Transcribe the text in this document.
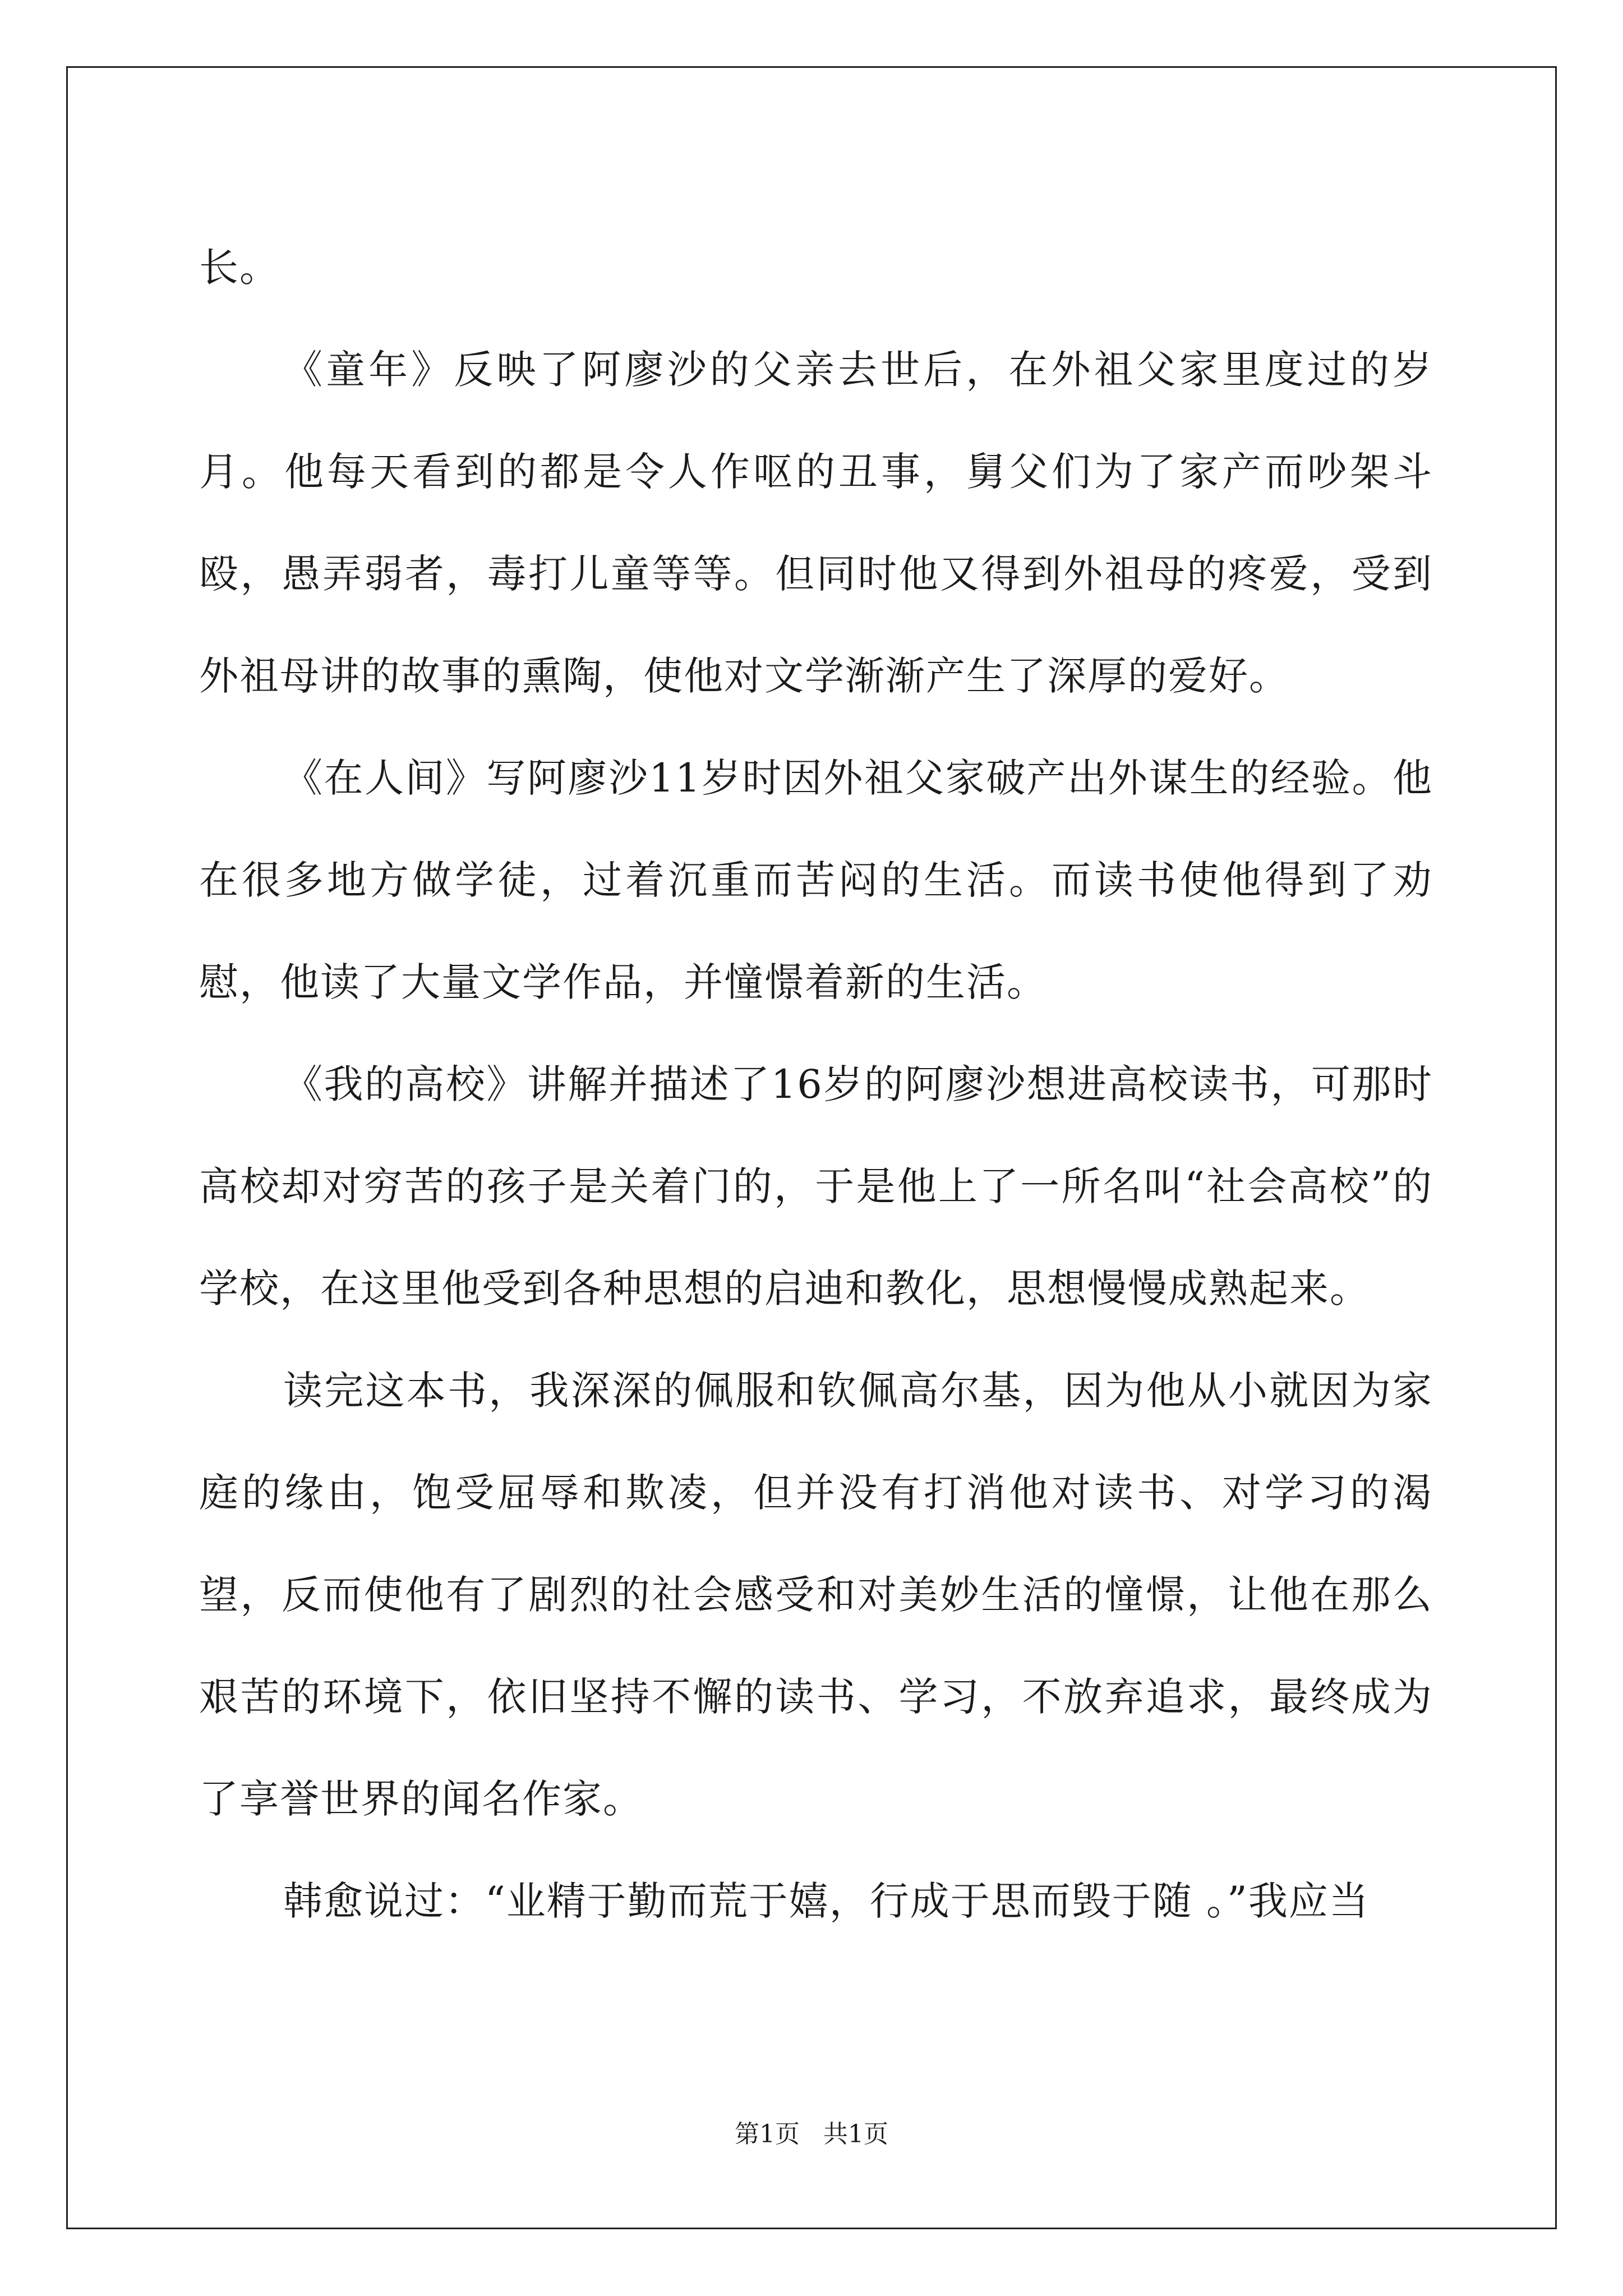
长。

《童年》反映了阿廖沙的父亲去世后，在外祖父家里度过的岁月。他每天看到的都是令人作呕的丑事，舅父们为了家产而吵架斗殴，愚弄弱者，毒打儿童等等。但同时他又得到外祖母的疼爱，受到外祖母讲的故事的熏陶，使他对文学渐渐产生了深厚的爱好。

《在人间》写阿廖沙11岁时因外祖父家破产出外谋生的经验。他在很多地方做学徒，过着沉重而苦闷的生活。而读书使他得到了劝慰，他读了大量文学作品，并憧憬着新的生活。

《我的高校》讲解并描述了16岁的阿廖沙想进高校读书，可那时高校却对穷苦的孩子是关着门的，于是他上了一所名叫“社会高校”的学校，在这里他受到各种思想的启迪和教化，思想慢慢成熟起来。

读完这本书，我深深的佩服和钦佩高尔基，因为他从小就因为家庭的缘由，饱受屈辱和欺凌，但并没有打消他对读书、对学习的渴望，反而使他有了剧烈的社会感受和对美妙生活的憧憬，让他在那么艰苦的环境下，依旧坚持不懈的读书、学习，不放弃追求，最终成为了享誉世界的闻名作家。

韩愈说过：“业精于勤而荒于嬉，行成于思而毁于随 。”我应当

第1页   共1页
